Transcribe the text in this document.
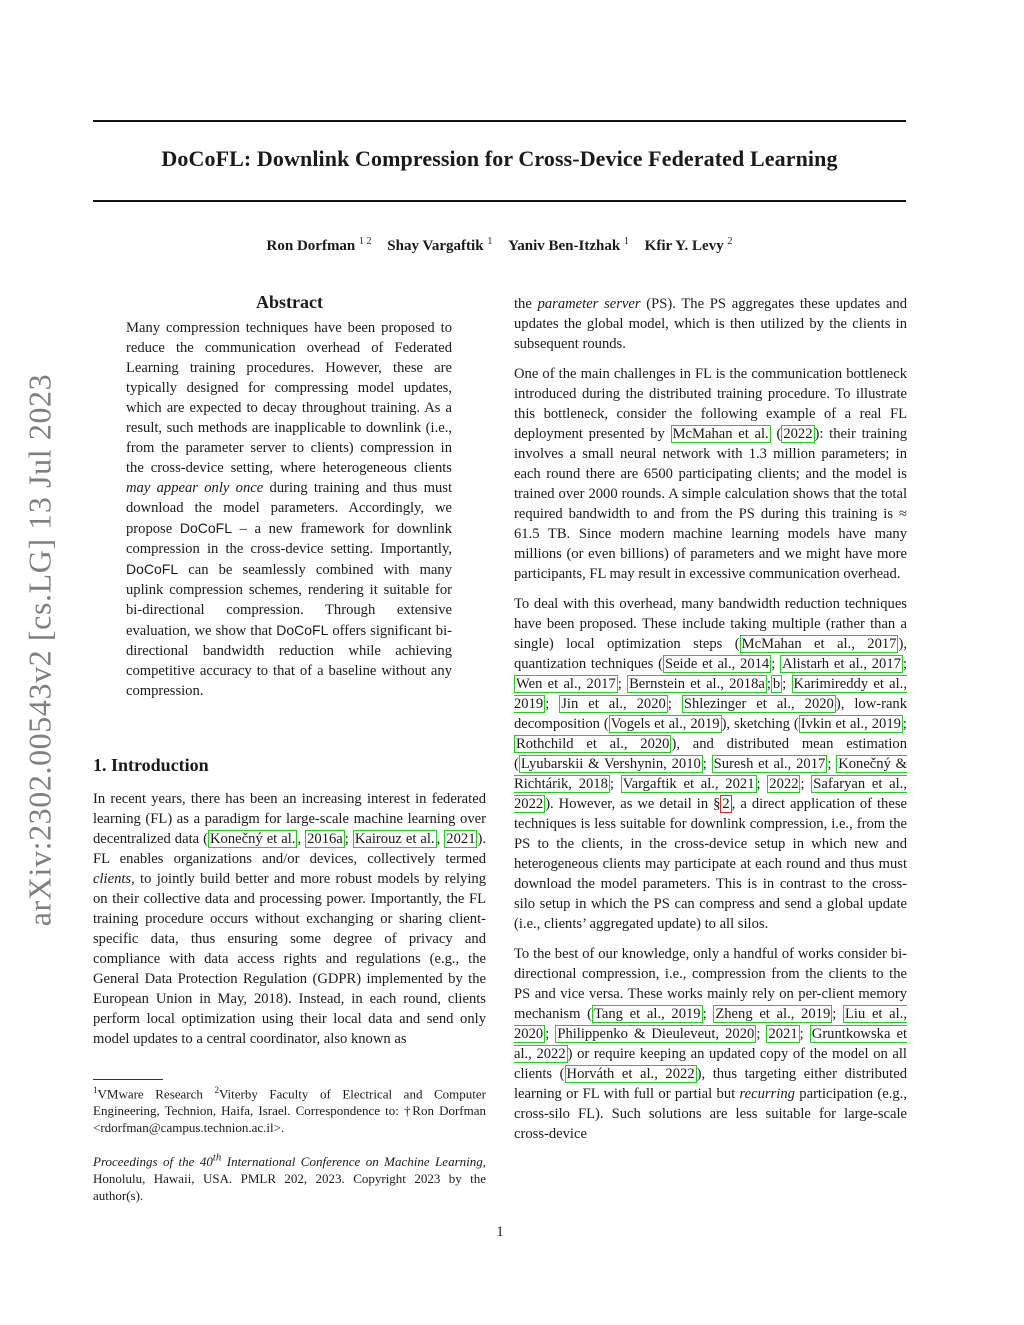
DoCoFL: Downlink Compression for Cross-Device Federated Learning
Ron Dorfman $^{1 2}$ Shay Vargaftik $^1$ Yaniv Ben-Itzhak $^1$ Kfir Y. Levy $^2$
arXiv:2302.00543v2 [cs.LG] 13 Jul 2023
Abstract

Many compression techniques have been proposed to reduce the communication overhead of Federated Learning training procedures. However, these are typically designed for compressing model updates, which are expected to decay throughout training. As a result, such methods are inapplicable to downlink (i.e., from the parameter server to clients) compression in the cross-device setting, where heterogeneous clients may appear only once during training and thus must download the model parameters. Accordingly, we propose DoCoFL – a new framework for downlink compression in the cross-device setting. Importantly, DoCoFL can be seamlessly combined with many uplink compression schemes, rendering it suitable for bi-directional compression. Through extensive evaluation, we show that DoCoFL offers significant bi-directional bandwidth reduction while achieving competitive accuracy to that of a baseline without any compression.

1. Introduction

In recent years, there has been an increasing interest in federated learning (FL) as a paradigm for large-scale machine learning over decentralized data ( Konečný et al. , 2016a ; Kairouz et al. , 2021 ). FL enables organizations and/or devices, collectively termed clients, to jointly build better and more robust models by relying on their collective data and processing power. Importantly, the FL training procedure occurs without exchanging or sharing client-specific data, thus ensuring some degree of privacy and compliance with data access rights and regulations (e.g., the General Data Protection Regulation (GDPR) implemented by the European Union in May, 2018). Instead, in each round, clients perform local optimization using their local data and send only model updates to a central coordinator, also known as

the parameter server (PS). The PS aggregates these updates and updates the global model, which is then utilized by the clients in subsequent rounds.

One of the main challenges in FL is the communication bottleneck introduced during the distributed training procedure. To illustrate this bottleneck, consider the following example of a real FL deployment presented by McMahan et al. ( 2022 ): their training involves a small neural network with 1.3 million parameters; in each round there are 6500 participating clients; and the model is trained over 2000 rounds. A simple calculation shows that the total required bandwidth to and from the PS during this training is ≈ 61.5 TB. Since modern machine learning models have many millions (or even billions) of parameters and we might have more participants, FL may result in excessive communication overhead.

To deal with this overhead, many bandwidth reduction techniques have been proposed. These include taking multiple (rather than a single) local optimization steps ( McMahan et al., 2017 ), quantization techniques ( Seide et al., 2014 ; Alistarh et al., 2017 ; Wen et al., 2017 ; Bernstein et al., 2018a ; b ; Karimireddy et al., 2019 ; Jin et al., 2020 ; Shlezinger et al., 2020 ), low-rank decomposition ( Vogels et al., 2019 ), sketching ( Ivkin et al., 2019 ; Rothchild et al., 2020 ), and distributed mean estimation ( Lyubarskii & Vershynin, 2010 ; Suresh et al., 2017 ; Konečný & Richtárik, 2018 ; Vargaftik et al., 2021 ; 2022 ; Safaryan et al., 2022 ). However, as we detail in § 2 , a direct application of these techniques is less suitable for downlink compression, i.e., from the PS to the clients, in the cross-device setup in which new and heterogeneous clients may participate at each round and thus must download the model parameters. This is in contrast to the cross-silo setup in which the PS can compress and send a global update (i.e., clients’ aggregated update) to all silos.

To the best of our knowledge, only a handful of works consider bi-directional compression, i.e., compression from the clients to the PS and vice versa. These works mainly rely on per-client memory mechanism ( Tang et al., 2019 ; Zheng et al., 2019 ; Liu et al., 2020 ; Philippenko & Dieuleveut, 2020 ; 2021 ; Gruntkowska et al., 2022 ) or require keeping an updated copy of the model on all clients ( Horváth et al., 2022 ), thus targeting either distributed learning or FL with full or partial but recurring participation (e.g., cross-silo FL). Such solutions are less suitable for large-scale cross-device

$^1$VMware Research $^2$Viterby Faculty of Electrical and Computer Engineering, Technion, Haifa, Israel. Correspondence to: †Ron Dorfman <rdorfman@campus.technion.ac.il>.

Proceedings of the 40th International Conference on Machine Learning, Honolulu, Hawaii, USA. PMLR 202, 2023. Copyright 2023 by the author(s).

1
